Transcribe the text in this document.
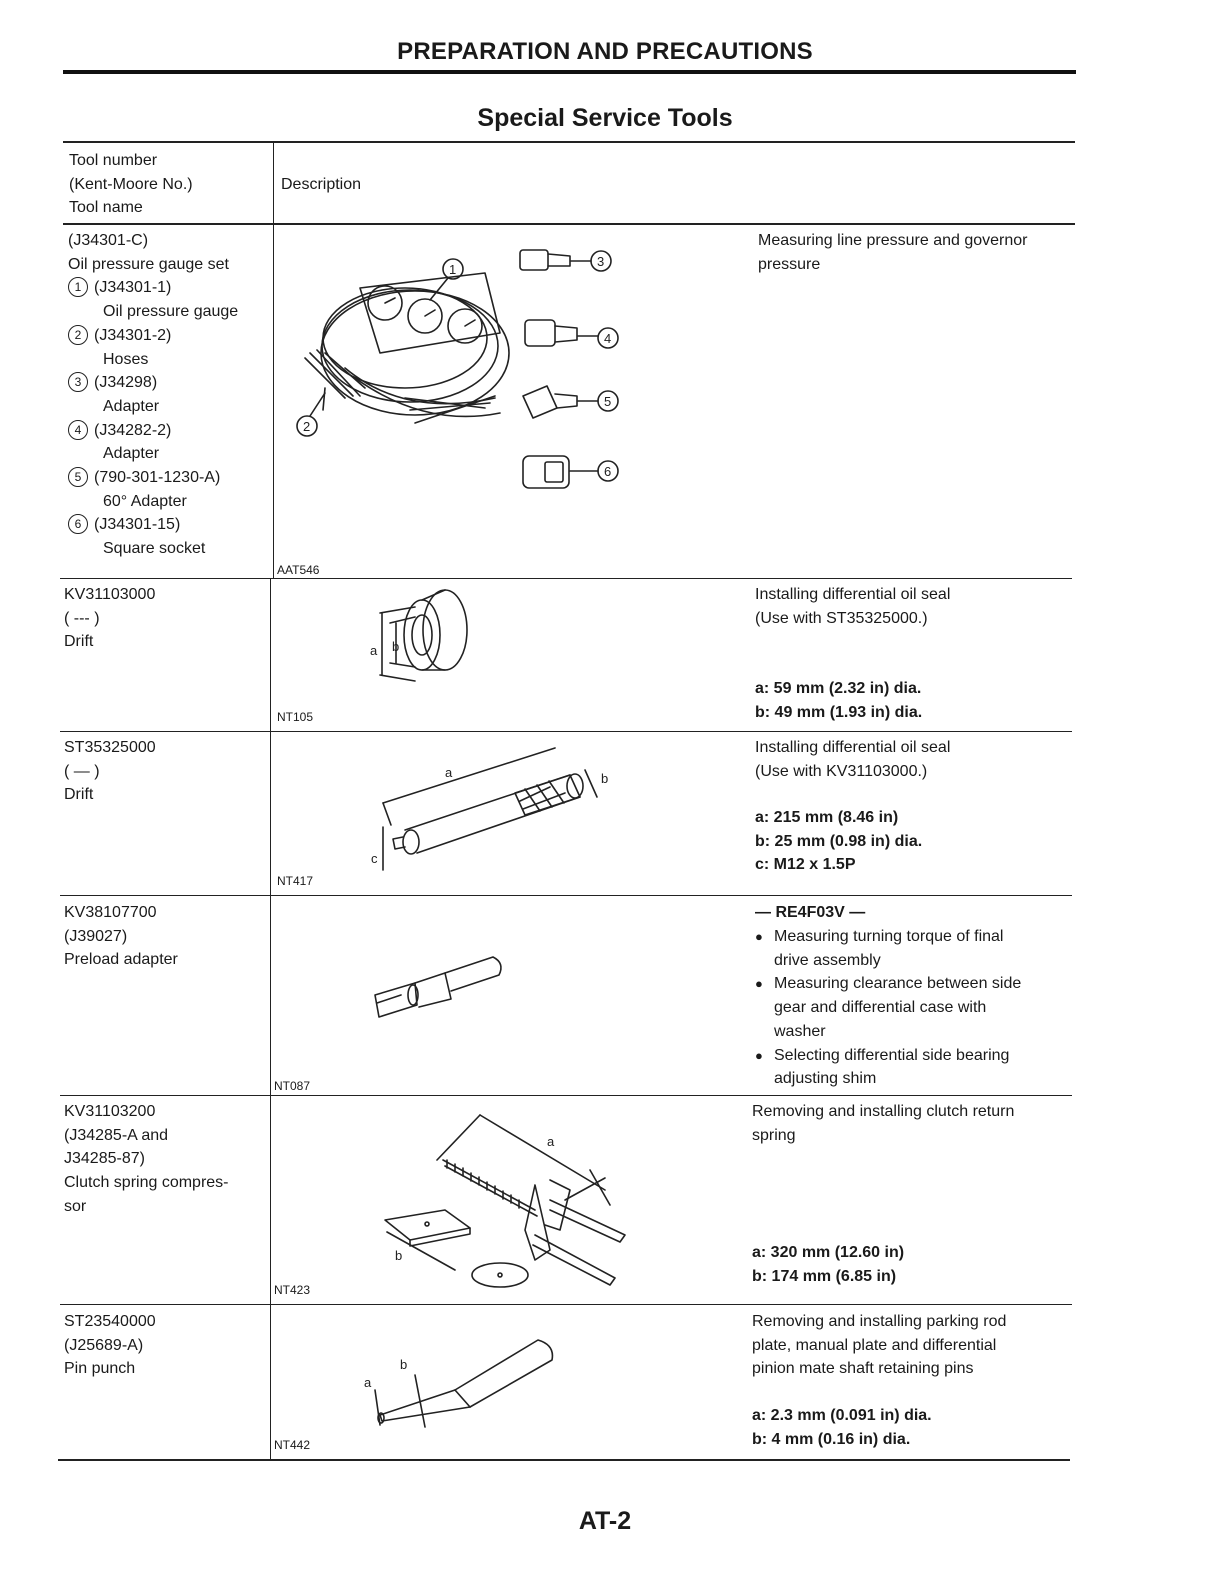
PREPARATION AND PRECAUTIONS
Special Service Tools
Tool number
(Kent-Moore No.)
Tool name
Description
(J34301-C)
Oil pressure gauge set
1 (J34301-1)
Oil pressure gauge
2 (J34301-2)
Hoses
3 (J34298)
Adapter
4 (J34282-2)
Adapter
5 (790-301-1230-A)
60° Adapter
6 (J34301-15)
Square socket
1
2
3
4
5
6
AAT546
Measuring line pressure and governor
pressure
KV31103000
( --- )
Drift
a b
NT105
Installing differential oil seal
(Use with ST35325000.)
a: 59 mm (2.32 in) dia.
b: 49 mm (1.93 in) dia.
ST35325000
( — )
Drift
a	b
c
NT417
Installing differential oil seal
(Use with KV31103000.)
a: 215 mm (8.46 in)
b: 25 mm (0.98 in) dia.
c: M12 x 1.5P
KV38107700
(J39027)
Preload adapter
NT087
— RE4F03V —
● Measuring turning torque of final
drive assembly
● Measuring clearance between side
gear and differential case with
washer
● Selecting differential side bearing
adjusting shim
KV31103200
(J34285-A and
J34285-87)
Clutch spring compres-
sor
a
b
NT423
Removing and installing clutch return
spring
a: 320 mm (12.60 in)
b: 174 mm (6.85 in)
ST23540000
(J25689-A)
Pin punch
a
b
NT442
Removing and installing parking rod
plate, manual plate and differential
pinion mate shaft retaining pins
a: 2.3 mm (0.091 in) dia.
b: 4 mm (0.16 in) dia.
AT-2
